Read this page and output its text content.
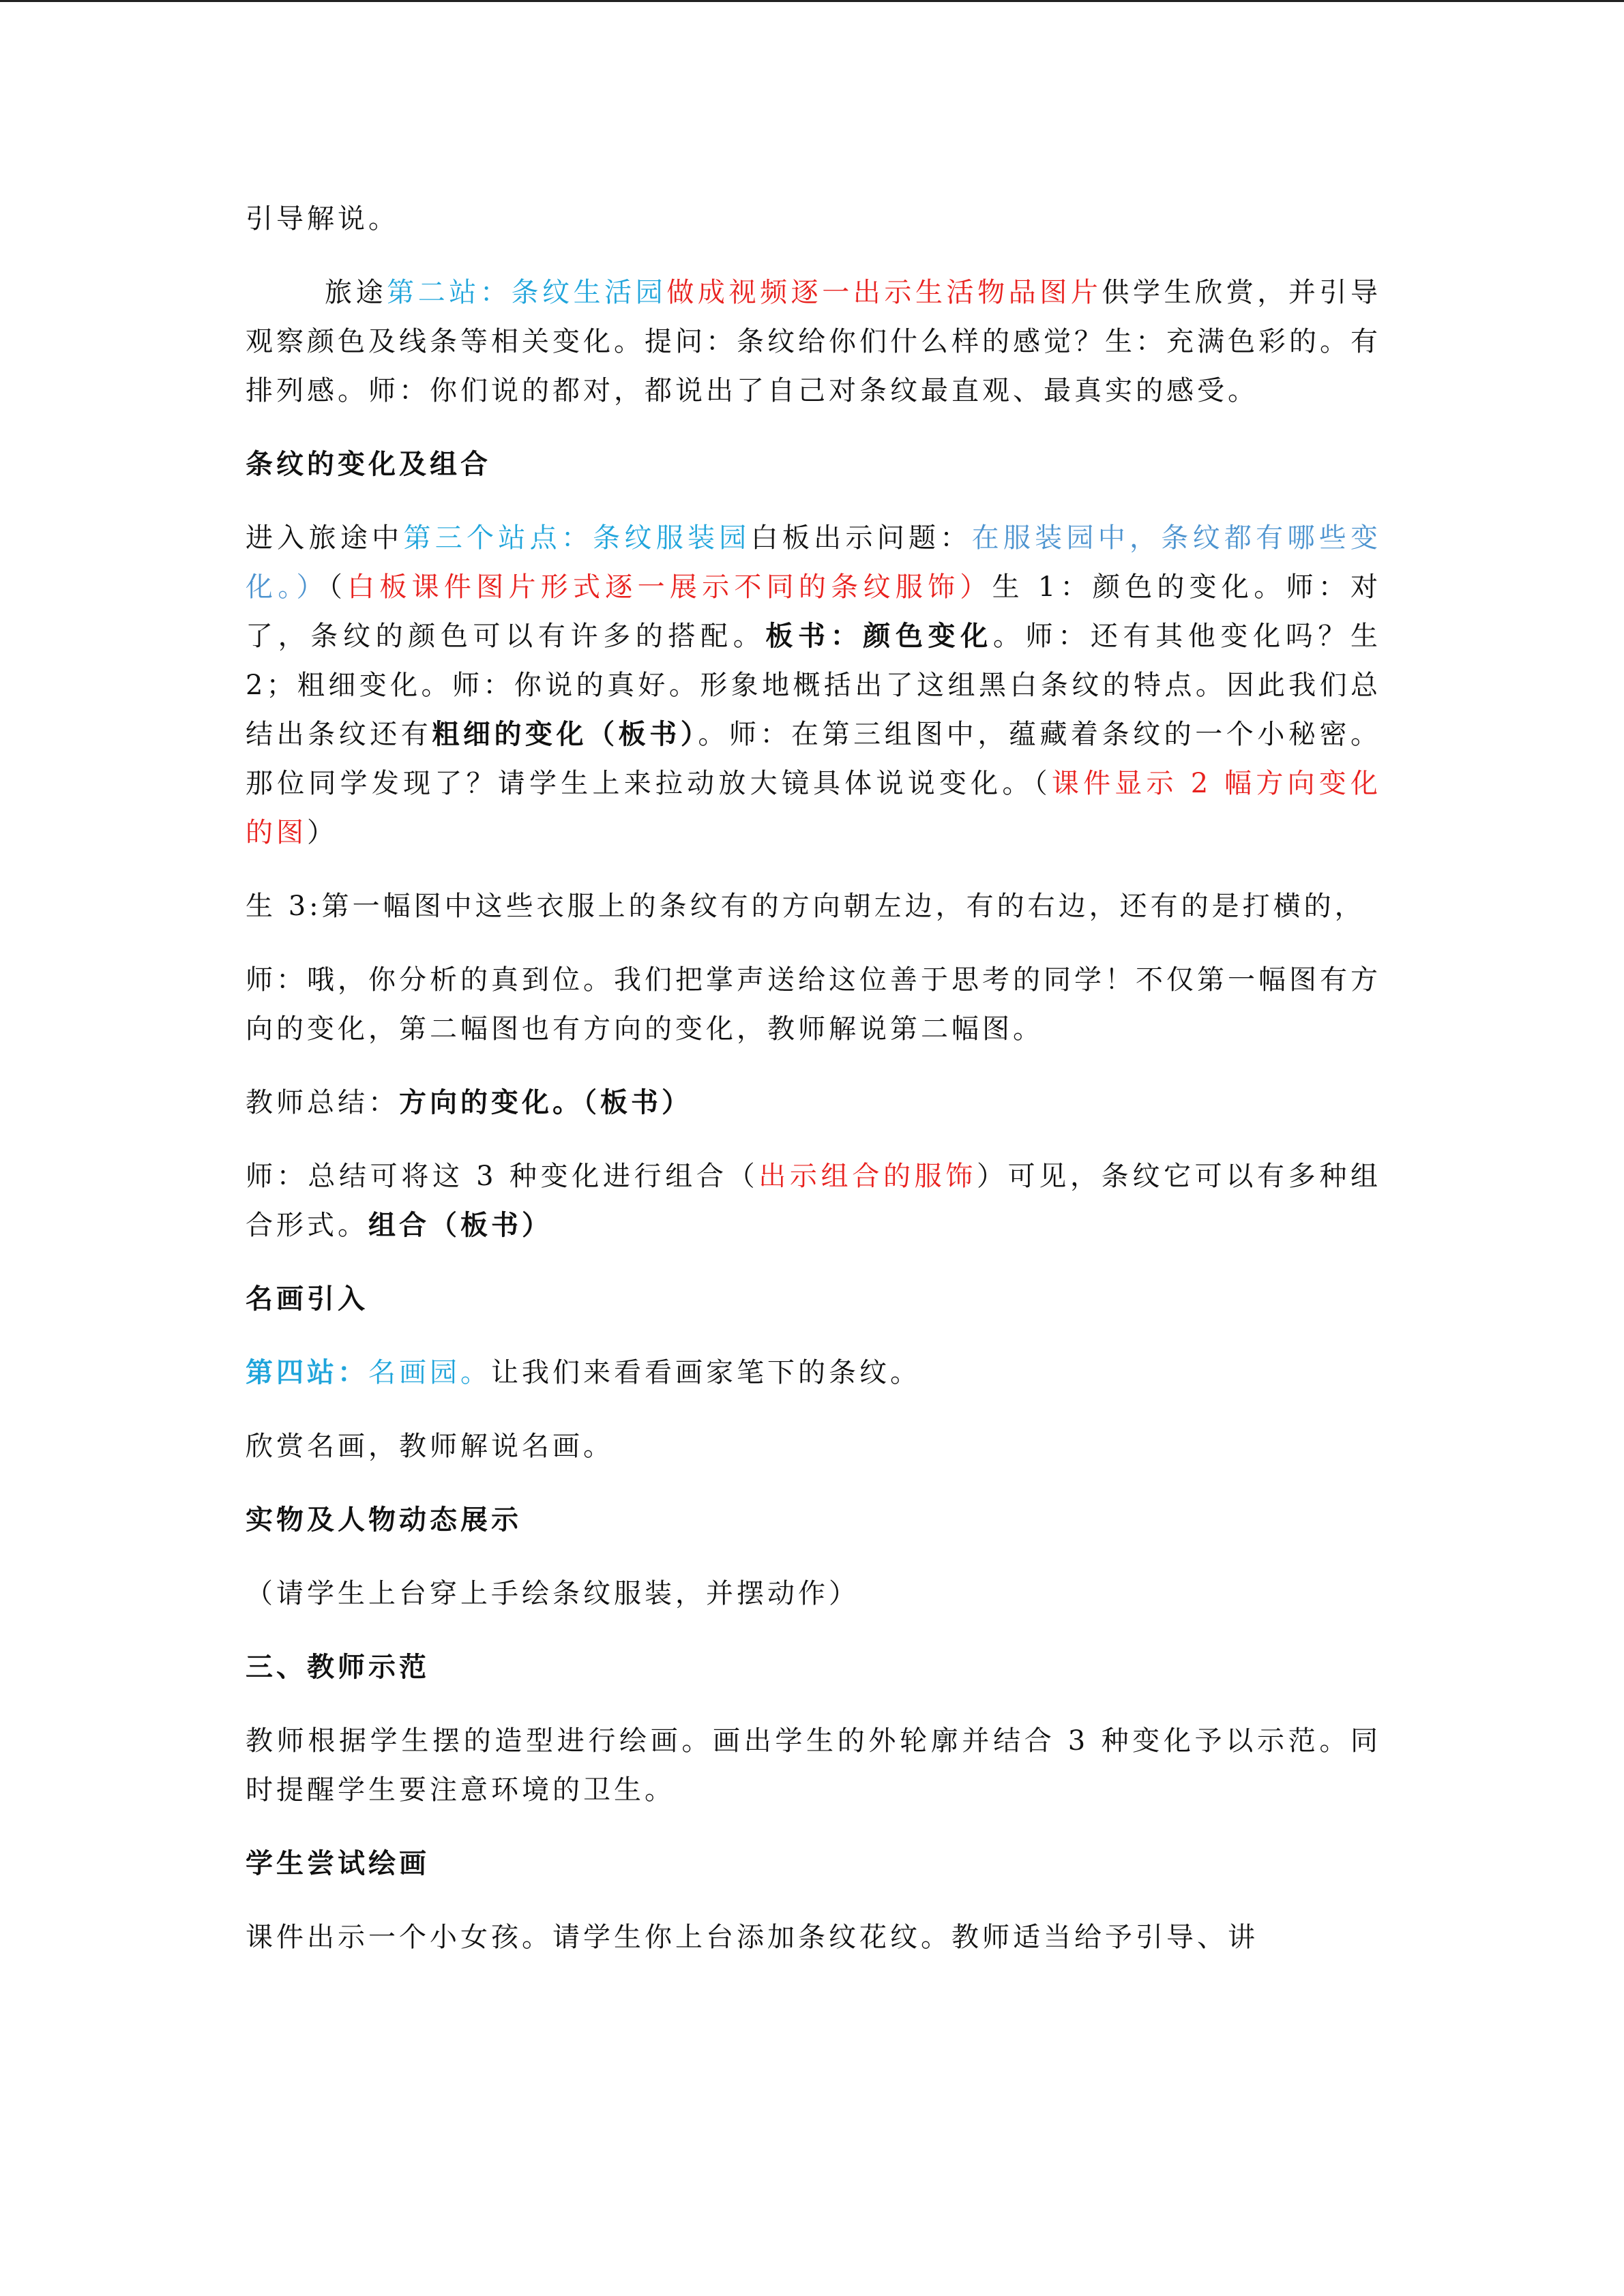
引导解说。

旅途第二站：条纹生活园做成视频逐一出示生活物品图片供学生欣赏，并引导观察颜色及线条等相关变化。提问：条纹给你们什么样的感觉？生：充满色彩的。有排列感。师：你们说的都对，都说出了自己对条纹最直观、最真实的感受。

条纹的变化及组合

进入旅途中第三个站点：条纹服装园白板出示问题：在服装园中，条纹都有哪些变化。）（白板课件图片形式逐一展示不同的条纹服饰）生 1：颜色的变化。师：对了，条纹的颜色可以有许多的搭配。板书：颜色变化。师：还有其他变化吗？生 2；粗细变化。师：你说的真好。形象地概括出了这组黑白条纹的特点。因此我们总结出条纹还有粗细的变化（板书）。师：在第三组图中，蕴藏着条纹的一个小秘密。那位同学发现了？请学生上来拉动放大镜具体说说变化。（课件显示 2 幅方向变化的图）

生 3:第一幅图中这些衣服上的条纹有的方向朝左边，有的右边，还有的是打横的，

师：哦，你分析的真到位。我们把掌声送给这位善于思考的同学！不仅第一幅图有方向的变化，第二幅图也有方向的变化，教师解说第二幅图。

教师总结：方向的变化。（板书）

师：总结可将这 3 种变化进行组合（出示组合的服饰）可见，条纹它可以有多种组合形式。组合（板书）

名画引入

第四站：名画园。让我们来看看画家笔下的条纹。

欣赏名画，教师解说名画。

实物及人物动态展示

（请学生上台穿上手绘条纹服装，并摆动作）

三、教师示范

教师根据学生摆的造型进行绘画。画出学生的外轮廓并结合 3 种变化予以示范。同时提醒学生要注意环境的卫生。

学生尝试绘画

课件出示一个小女孩。请学生你上台添加条纹花纹。教师适当给予引导、讲
